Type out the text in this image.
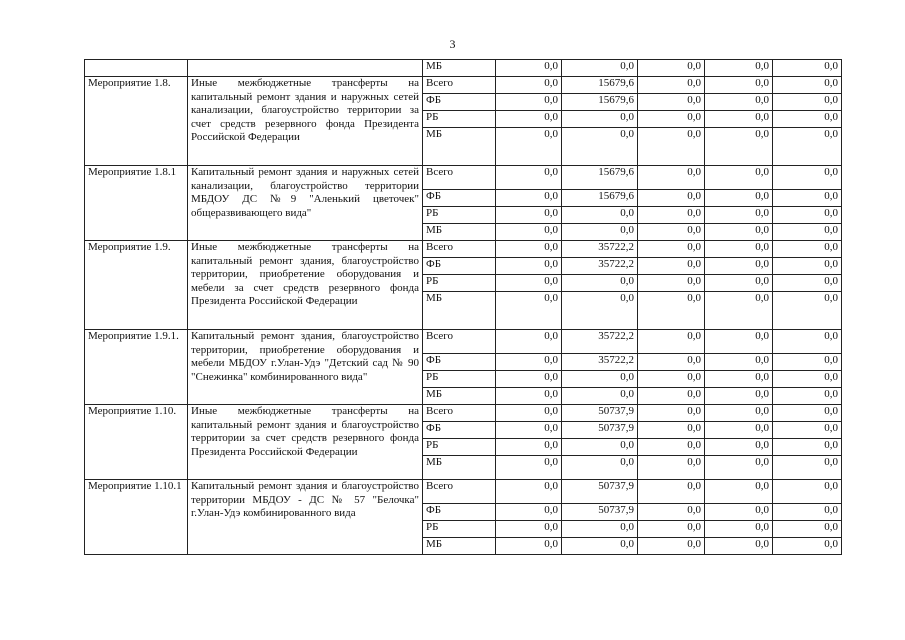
3
		МБ	0,0	0,0	0,0	0,0	0,0
Мероприятие 1.8.	Иные межбюджетные трансферты на капитальный ремонт здания и наружных сетей канализации, благоустройство территории за счет средств резервного фонда Президента Российской Федерации	Всего	0,0	15679,6	0,0	0,0	0,0
		ФБ	0,0	15679,6	0,0	0,0	0,0
		РБ	0,0	0,0	0,0	0,0	0,0
		МБ	0,0	0,0	0,0	0,0	0,0
Мероприятие 1.8.1	Капитальный ремонт здания и наружных сетей канализации, благоустройство территории МБДОУ ДС №9 "Аленький цветочек" общеразвивающего вида"	Всего	0,0	15679,6	0,0	0,0	0,0
		ФБ	0,0	15679,6	0,0	0,0	0,0
		РБ	0,0	0,0	0,0	0,0	0,0
		МБ	0,0	0,0	0,0	0,0	0,0
Мероприятие 1.9.	Иные межбюджетные трансферты на капитальный ремонт здания, благоустройство территории, приобретение оборудования и мебели за счет средств резервного фонда Президента Российской Федерации	Всего	0,0	35722,2	0,0	0,0	0,0
		ФБ	0,0	35722,2	0,0	0,0	0,0
		РБ	0,0	0,0	0,0	0,0	0,0
		МБ	0,0	0,0	0,0	0,0	0,0
Мероприятие 1.9.1.	Капитальный ремонт здания, благоустройство территории, приобретение оборудования и мебели МБДОУ г.Улан-Удэ "Детский сад № 90 "Снежинка" комбинированного вида"	Всего	0,0	35722,2	0,0	0,0	0,0
		ФБ	0,0	35722,2	0,0	0,0	0,0
		РБ	0,0	0,0	0,0	0,0	0,0
		МБ	0,0	0,0	0,0	0,0	0,0
Мероприятие 1.10.	Иные межбюджетные трансферты на капитальный ремонт здания и благоустройство территории за счет средств резервного фонда Президента Российской Федерации	Всего	0,0	50737,9	0,0	0,0	0,0
		ФБ	0,0	50737,9	0,0	0,0	0,0
		РБ	0,0	0,0	0,0	0,0	0,0
		МБ	0,0	0,0	0,0	0,0	0,0
Мероприятие 1.10.1	Капитальный ремонт здания и благоустройство территории МБДОУ - ДС № 57 "Белочка" г.Улан-Удэ комбинированного вида	Всего	0,0	50737,9	0,0	0,0	0,0
		ФБ	0,0	50737,9	0,0	0,0	0,0
		РБ	0,0	0,0	0,0	0,0	0,0
		МБ	0,0	0,0	0,0	0,0	0,0
